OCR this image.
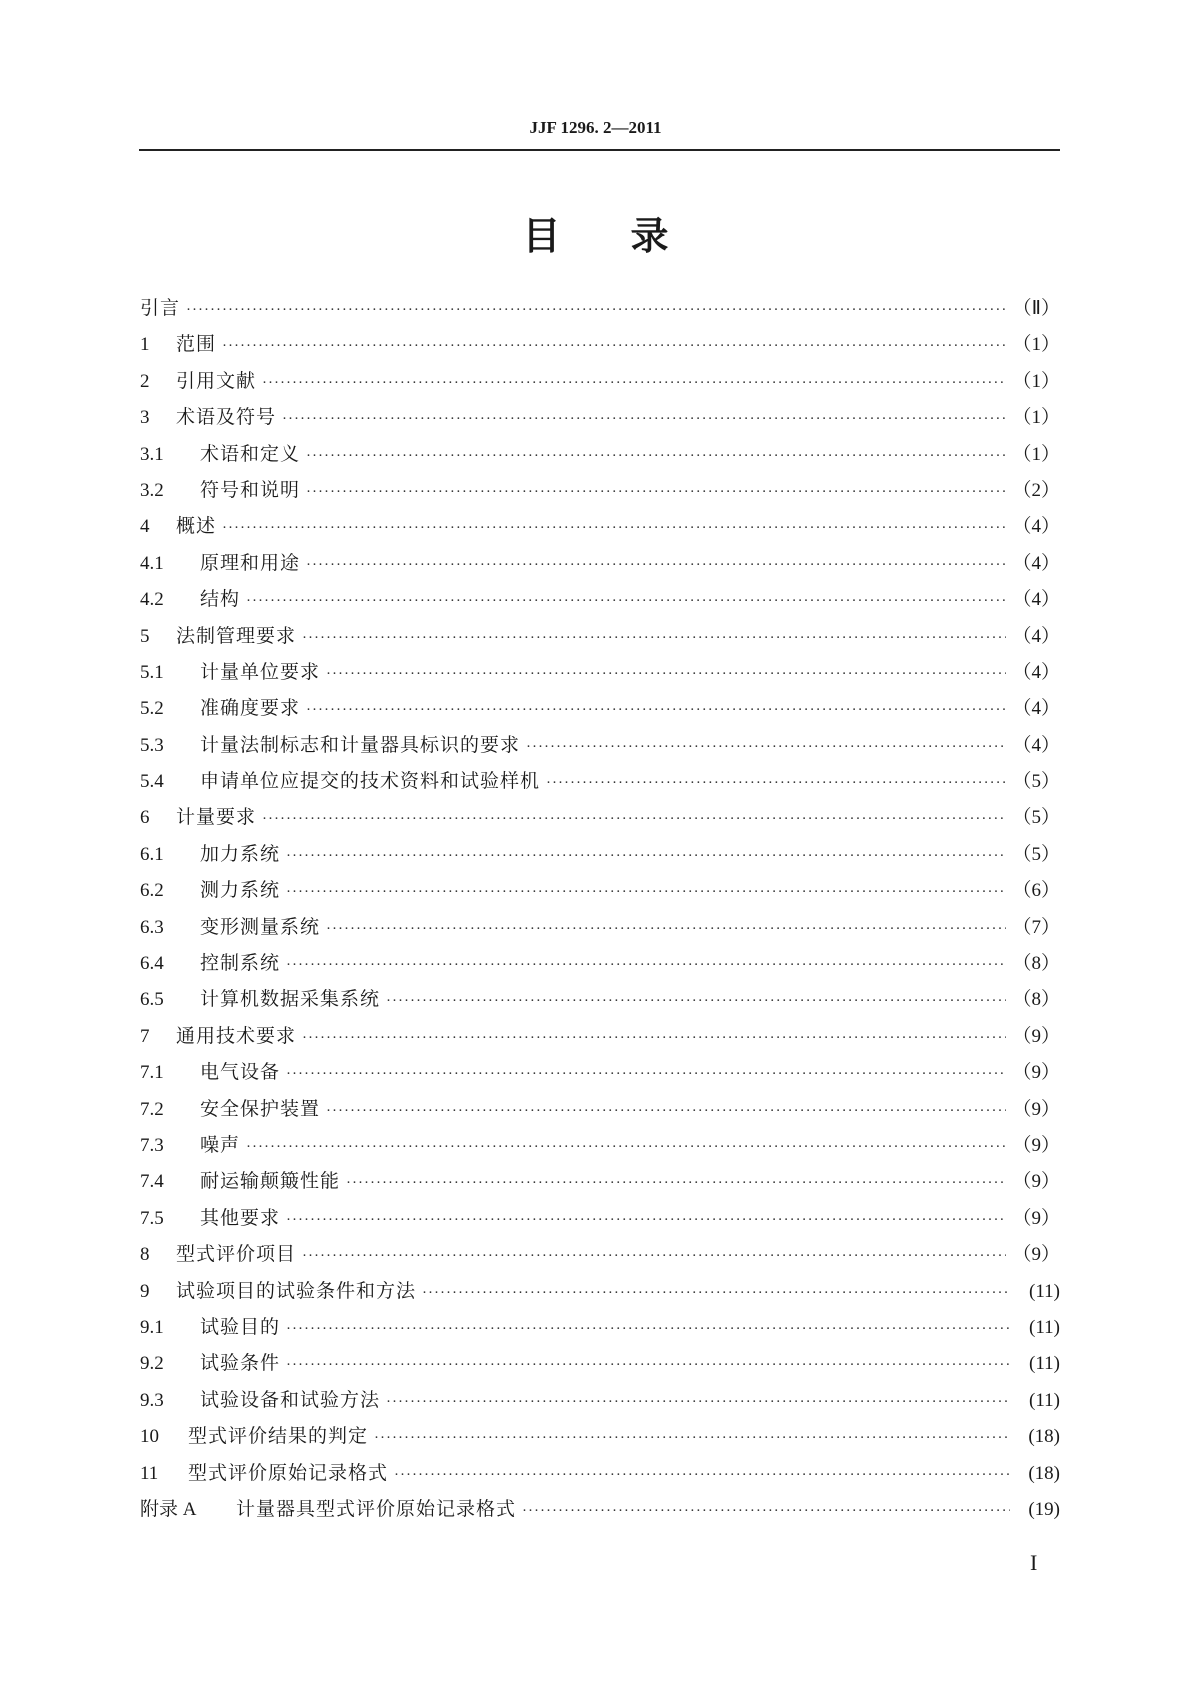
JJF 1296. 2—2011
目录
引言 ·····	（Ⅱ）
1	范围 ·····	（1）
2	引用文献 ·····	（1）
3	术语及符号 ·····	（1）
3.1	术语和定义 ·····	（1）
3.2	符号和说明 ·····	（2）
4	概述 ·····	（4）
4.1	原理和用途 ·····	（4）
4.2	结构 ·····	（4）
5	法制管理要求 ·····	（4）
5.1	计量单位要求 ·····	（4）
5.2	准确度要求 ·····	（4）
5.3	计量法制标志和计量器具标识的要求 ·····	（4）
5.4	申请单位应提交的技术资料和试验样机 ·····	（5）
6	计量要求 ·····	（5）
6.1	加力系统 ·····	（5）
6.2	测力系统 ·····	（6）
6.3	变形测量系统 ·····	（7）
6.4	控制系统 ·····	（8）
6.5	计算机数据采集系统 ·····	（8）
7	通用技术要求 ·····	（9）
7.1	电气设备 ·····	（9）
7.2	安全保护装置 ·····	（9）
7.3	噪声 ·····	（9）
7.4	耐运输颠簸性能 ·····	（9）
7.5	其他要求 ·····	（9）
8	型式评价项目 ·····	（9）
9	试验项目的试验条件和方法 ·····	(11)
9.1	试验目的 ·····	(11)
9.2	试验条件 ·····	(11)
9.3	试验设备和试验方法 ·····	(11)
10	型式评价结果的判定 ·····	(18)
11	型式评价原始记录格式 ·····	(18)
附录 A	计量器具型式评价原始记录格式 ·····	(19)
I
